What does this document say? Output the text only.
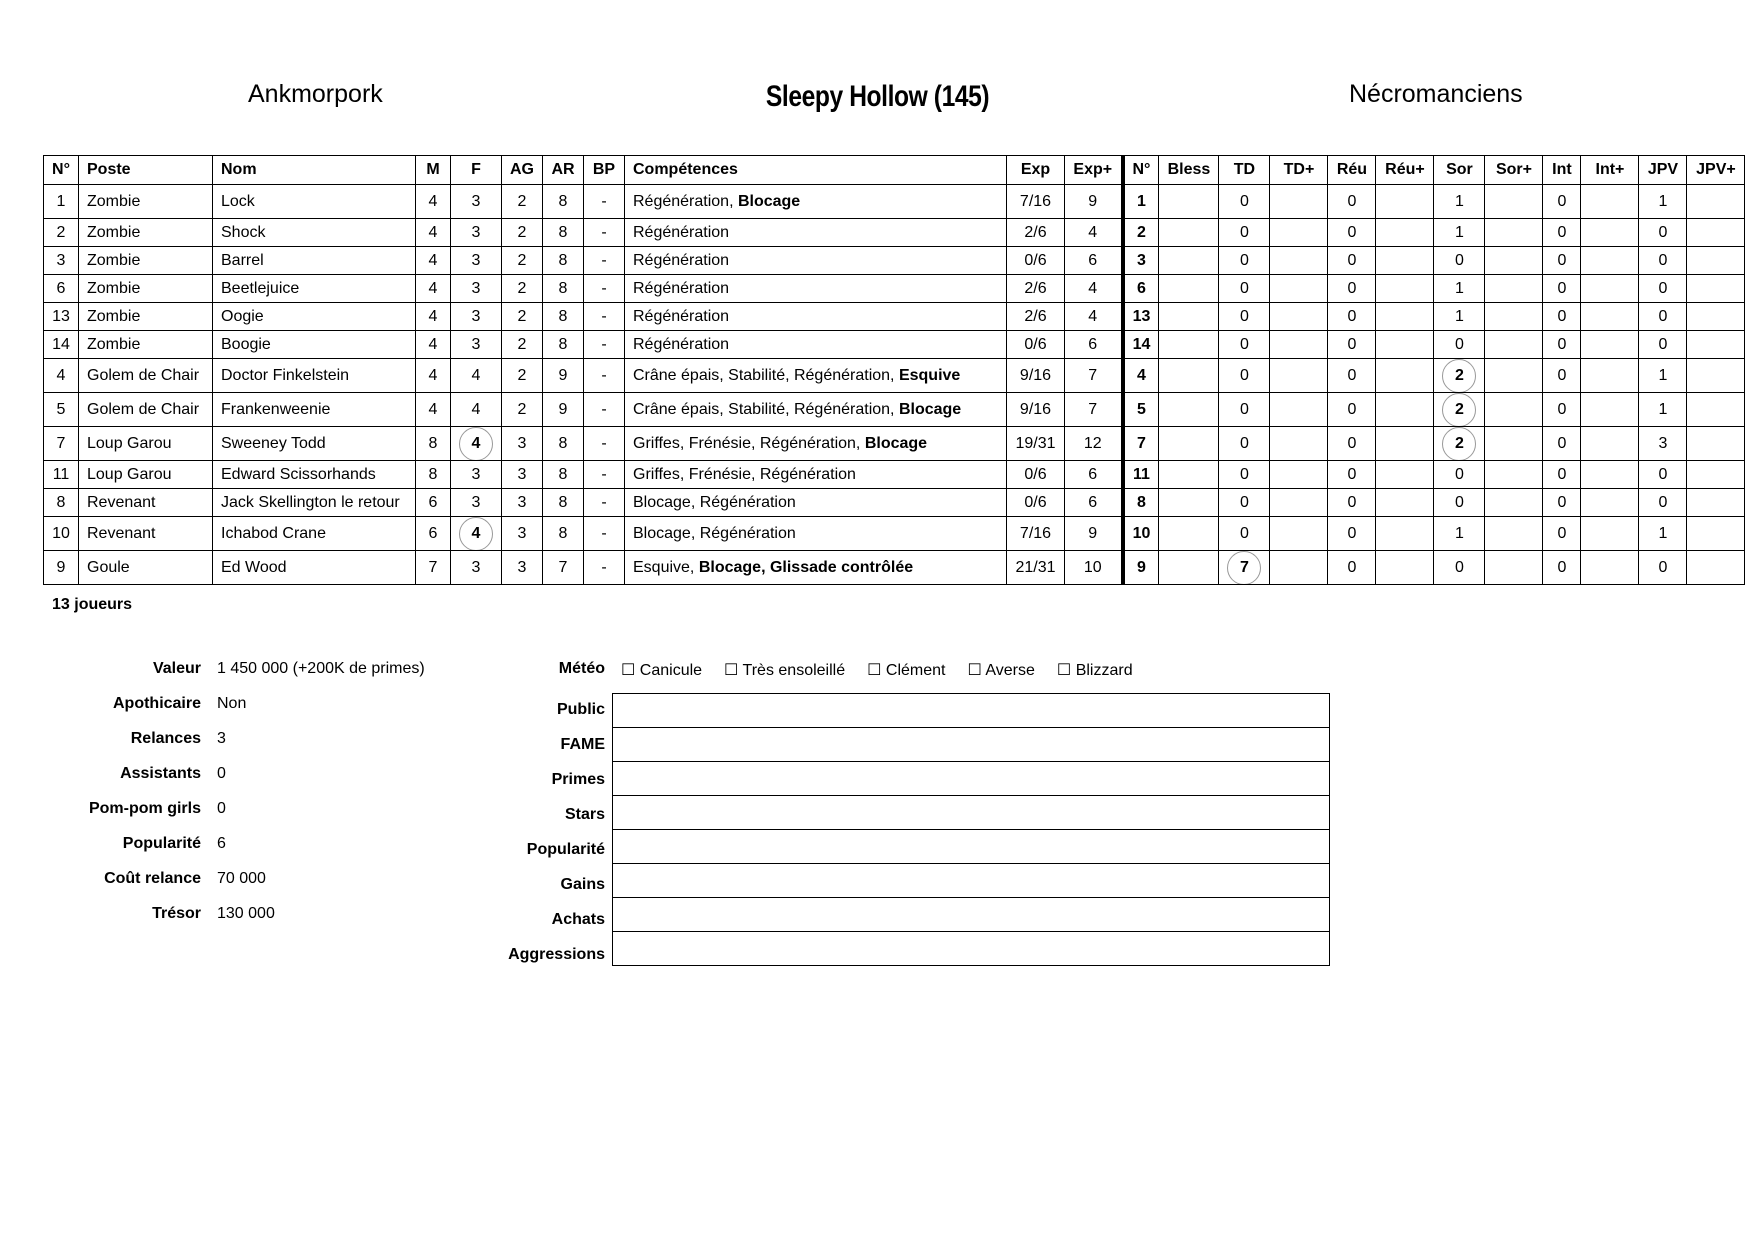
Ankmorpork	Sleepy Hollow (145)	Nécromanciens
N°	Poste	Nom	M	F	AG	AR	BP	Compétences	Exp	Exp+	N°	Bless	TD	TD+	Réu	Réu+	Sor	Sor+	Int	Int+	JPV	JPV+
1	Zombie	Lock	4	3	2	8	-	Régénération, Blocage	7/16	9	1		0		0		1		0		1	
2	Zombie	Shock	4	3	2	8	-	Régénération	2/6	4	2		0		0		1		0		0	
3	Zombie	Barrel	4	3	2	8	-	Régénération	0/6	6	3		0		0		0		0		0	
6	Zombie	Beetlejuice	4	3	2	8	-	Régénération	2/6	4	6		0		0		1		0		0	
13	Zombie	Oogie	4	3	2	8	-	Régénération	2/6	4	13		0		0		1		0		0	
14	Zombie	Boogie	4	3	2	8	-	Régénération	0/6	6	14		0		0		0		0		0	
4	Golem de Chair	Doctor Finkelstein	4	4	2	9	-	Crâne épais, Stabilité, Régénération, Esquive	9/16	7	4		0		0		2		0		1	
5	Golem de Chair	Frankenweenie	4	4	2	9	-	Crâne épais, Stabilité, Régénération, Blocage	9/16	7	5		0		0		2		0		1	
7	Loup Garou	Sweeney Todd	8	4	3	8	-	Griffes, Frénésie, Régénération, Blocage	19/31	12	7		0		0		2		0		3	
11	Loup Garou	Edward Scissorhands	8	3	3	8	-	Griffes, Frénésie, Régénération	0/6	6	11		0		0		0		0		0	
8	Revenant	Jack Skellington le retour	6	3	3	8	-	Blocage, Régénération	0/6	6	8		0		0		0		0		0	
10	Revenant	Ichabod Crane	6	4	3	8	-	Blocage, Régénération	7/16	9	10		0		0		1		0		1	
9	Goule	Ed Wood	7	3	3	7	-	Esquive, Blocage, Glissade contrôlée	21/31	10	9		7		0		0		0		0	
13 joueurs
Valeur	1 450 000 (+200K de primes)
Apothicaire	Non
Relances	3
Assistants	0
Pom-pom girls	0
Popularité	6
Coût relance	70 000
Trésor	130 000
Météo	☐ Canicule ☐ Très ensoleillé ☐ Clément ☐ Averse ☐ Blizzard
Public
FAME
Primes
Stars
Popularité
Gains
Achats
Aggressions
